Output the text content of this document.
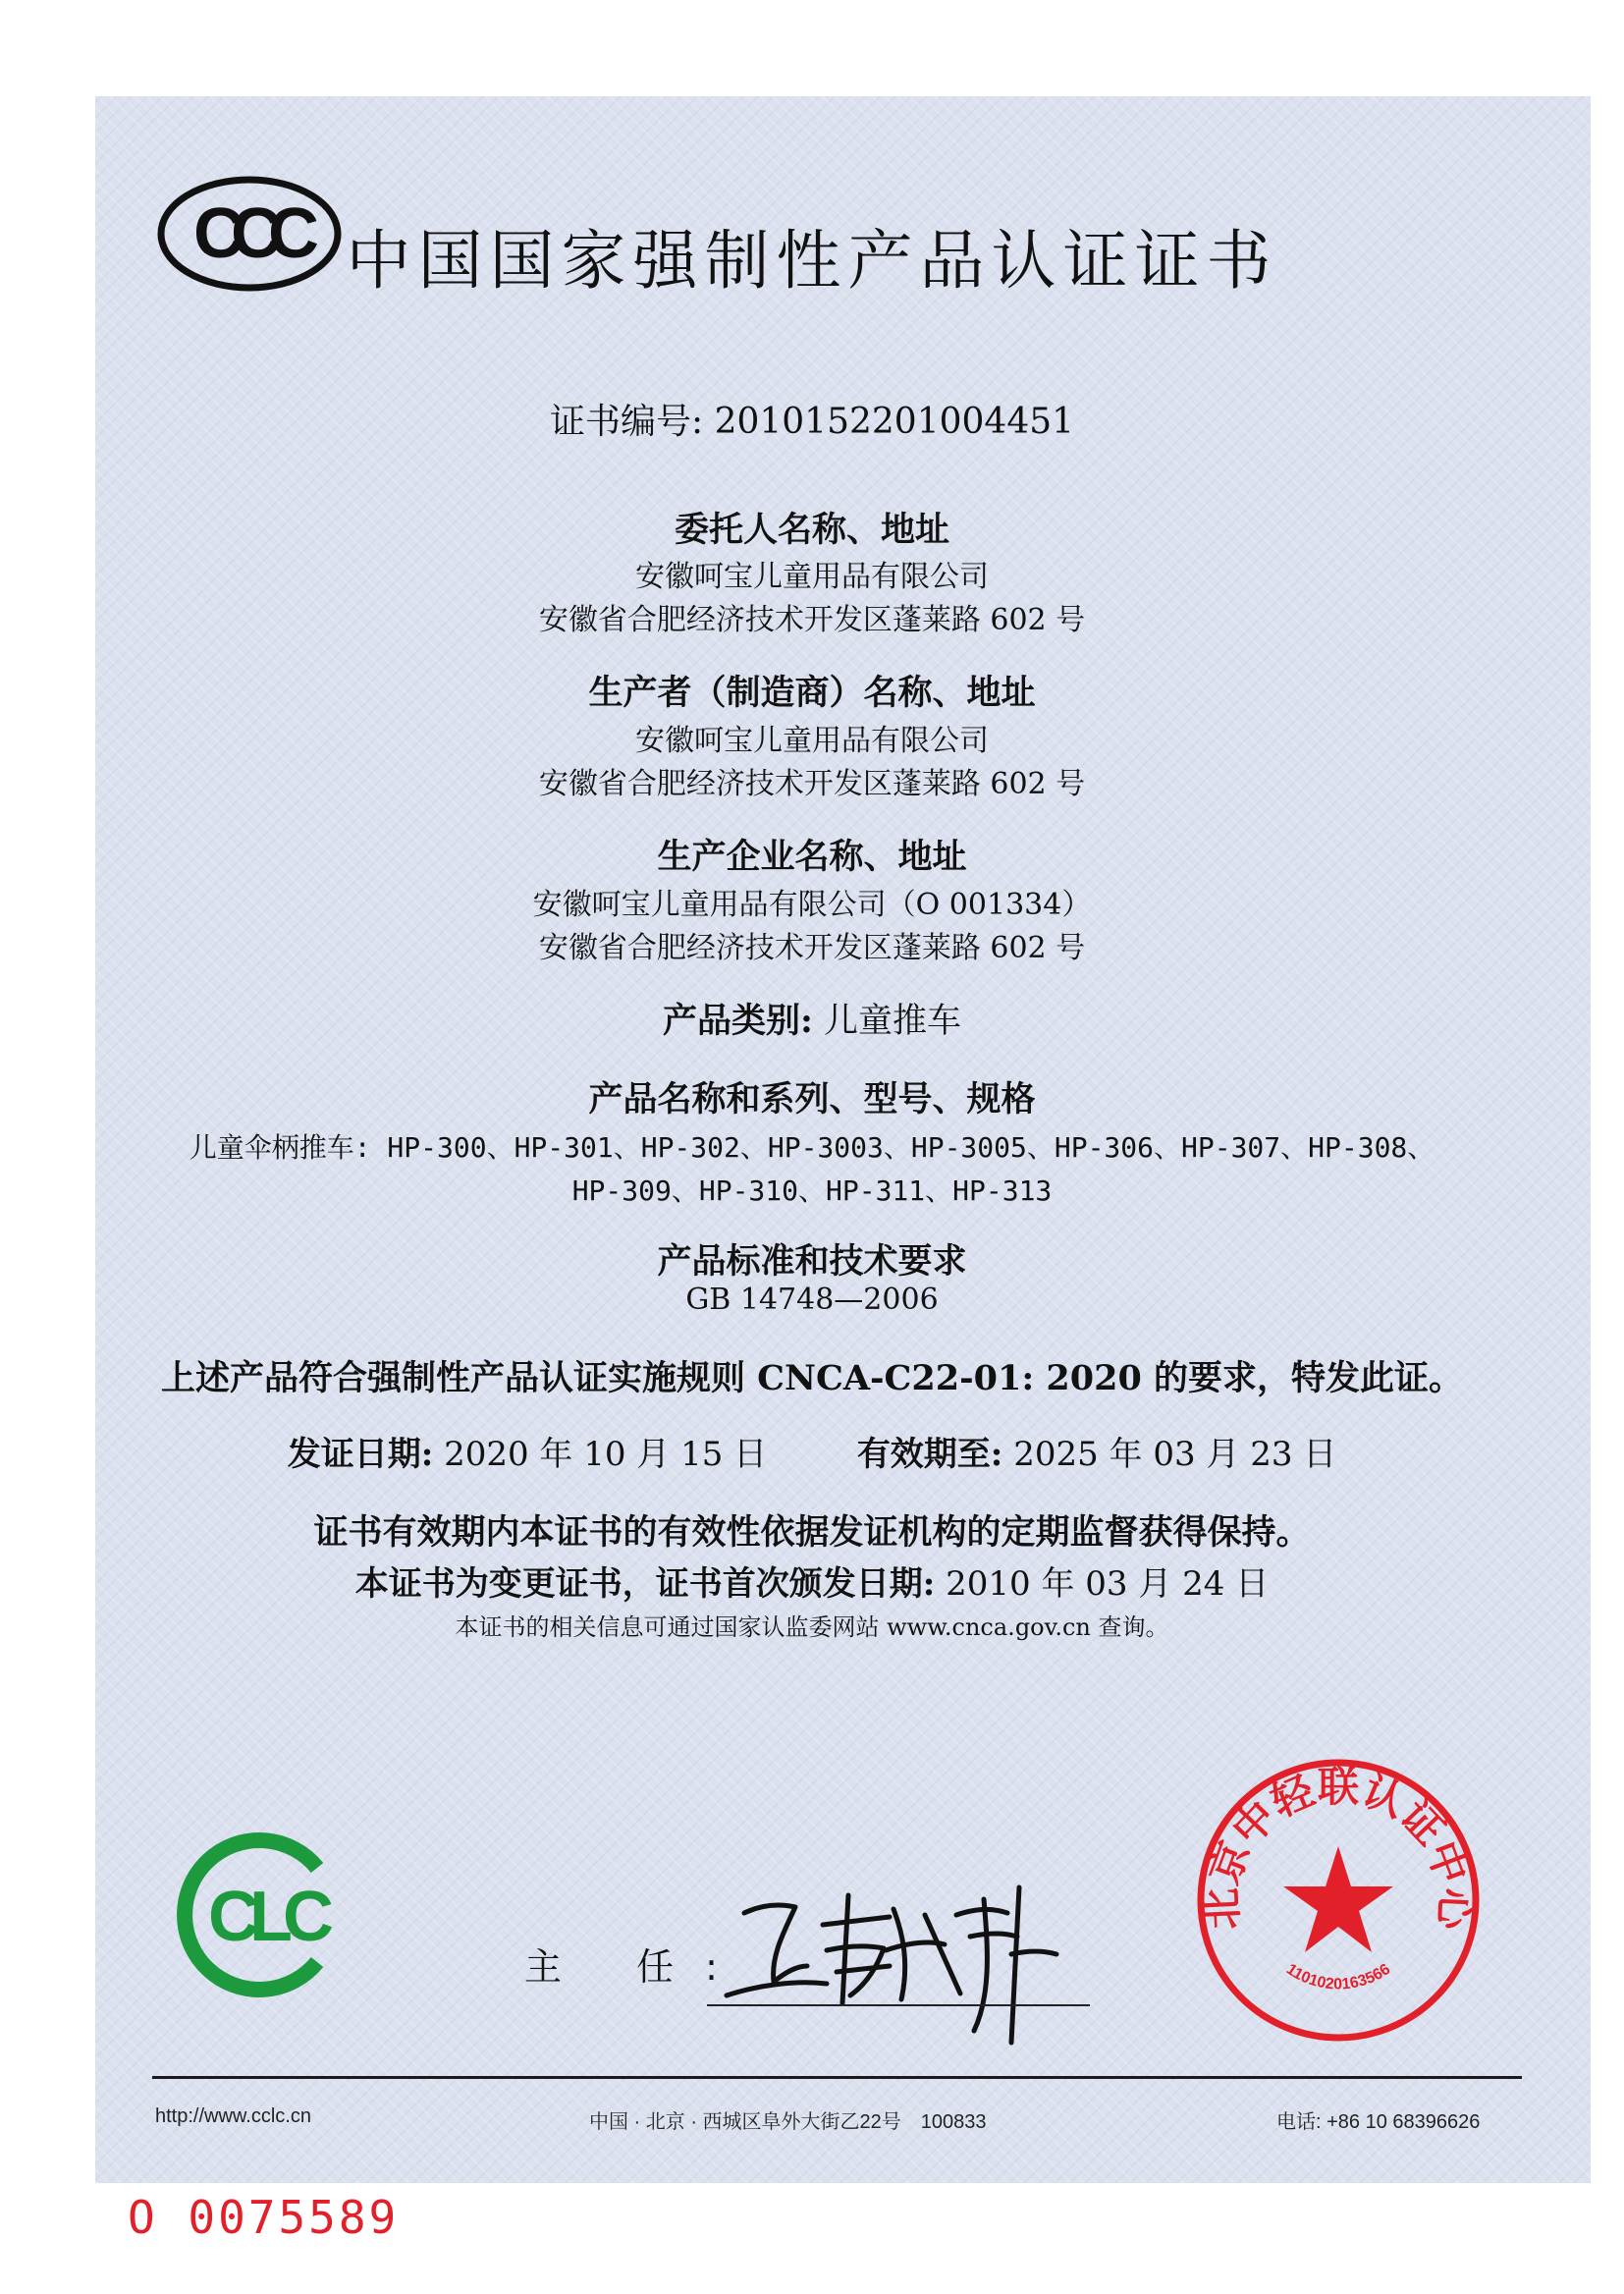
CCC 中国国家强制性产品认证证书
证书编号: 2010152201004451
委托人名称、地址
安徽呵宝儿童用品有限公司
安徽省合肥经济技术开发区蓬莱路 602 号
生产者（制造商）名称、地址
安徽呵宝儿童用品有限公司
安徽省合肥经济技术开发区蓬莱路 602 号
生产企业名称、地址
安徽呵宝儿童用品有限公司（O 001334）
安徽省合肥经济技术开发区蓬莱路 602 号
产品类别: 儿童推车
产品名称和系列、型号、规格
儿童伞柄推车: HP-300、HP-301、HP-302、HP-3003、HP-3005、HP-306、HP-307、HP-308、
HP-309、HP-310、HP-311、HP-313
产品标准和技术要求
GB 14748—2006
上述产品符合强制性产品认证实施规则 CNCA-C22-01: 2020 的要求，特发此证。
发证日期: 2020 年 10 月 15 日	有效期至: 2025 年 03 月 23 日
证书有效期内本证书的有效性依据发证机构的定期监督获得保持。
本证书为变更证书，证书首次颁发日期: 2010 年 03 月 24 日
本证书的相关信息可通过国家认监委网站 www.cnca.gov.cn 查询。
CLC
主 任:
北京中轻联认证中心
1101020163566
http://www.cclc.cn	中国 · 北京 · 西城区阜外大街乙22号　100833	电话: +86 10 68396626
O 0075589
